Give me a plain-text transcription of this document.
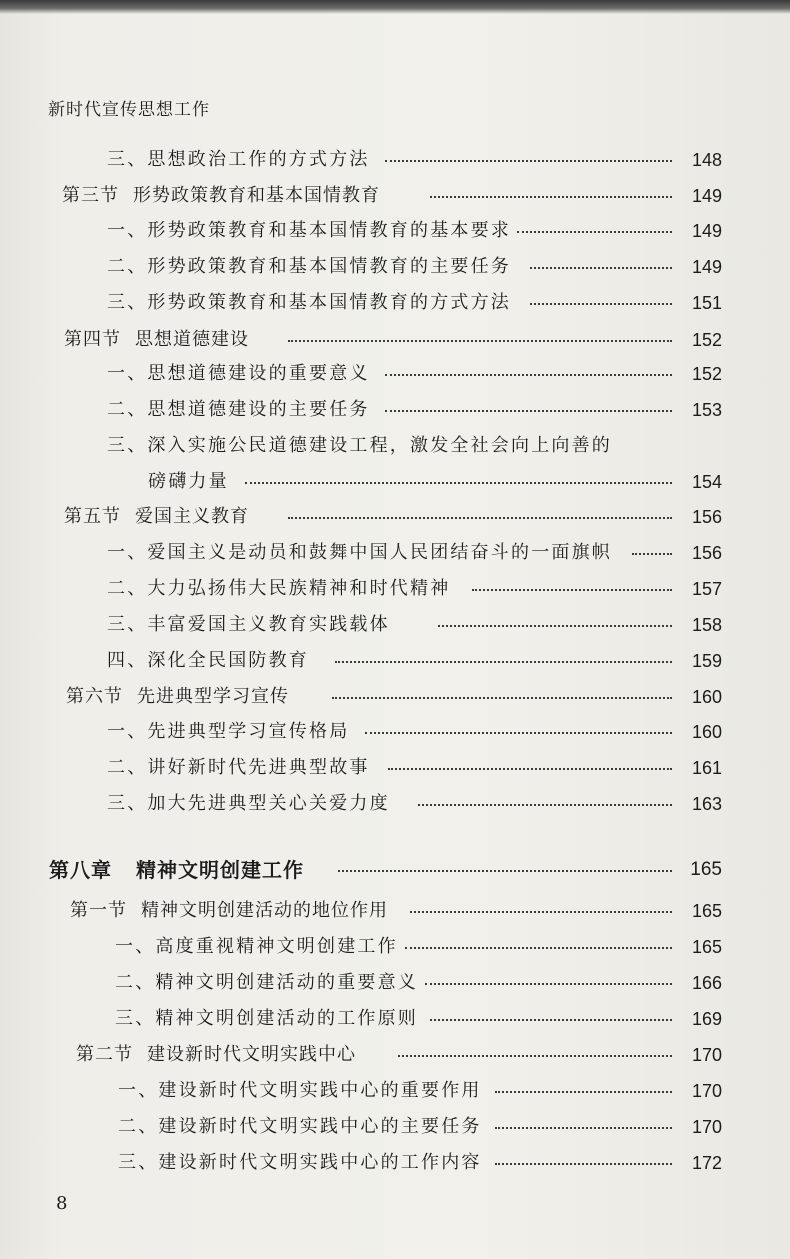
新时代宣传思想工作
三、思想政治工作的方式方法	148
第三节 形势政策教育和基本国情教育	149
一、形势政策教育和基本国情教育的基本要求	149
二、形势政策教育和基本国情教育的主要任务	149
三、形势政策教育和基本国情教育的方式方法	151
第四节 思想道德建设	152
一、思想道德建设的重要意义	152
二、思想道德建设的主要任务	153
三、深入实施公民道德建设工程，激发全社会向上向善的
磅礴力量	154
第五节 爱国主义教育	156
一、爱国主义是动员和鼓舞中国人民团结奋斗的一面旗帜	156
二、大力弘扬伟大民族精神和时代精神	157
三、丰富爱国主义教育实践载体	158
四、深化全民国防教育	159
第六节 先进典型学习宣传	160
一、先进典型学习宣传格局	160
二、讲好新时代先进典型故事	161
三、加大先进典型关心关爱力度	163
第八章 精神文明创建工作	165
第一节 精神文明创建活动的地位作用	165
一、高度重视精神文明创建工作	165
二、精神文明创建活动的重要意义	166
三、精神文明创建活动的工作原则	169
第二节 建设新时代文明实践中心	170
一、建设新时代文明实践中心的重要作用	170
二、建设新时代文明实践中心的主要任务	170
三、建设新时代文明实践中心的工作内容	172
8
